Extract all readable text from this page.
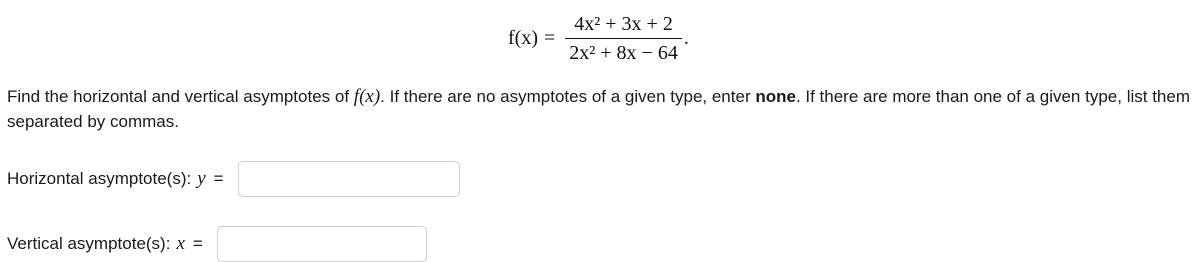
$f(x) = \frac{\text{4x² + 3x + 2}}{\text{2x² + 8x − 64}}$ .

Find the horizontal and vertical asymptotes of f(x). If there are no asymptotes of a given type, enter none. If there are more than one of a given type, list them separated by commas.

Horizontal asymptote(s): y =
Vertical asymptote(s): x =
